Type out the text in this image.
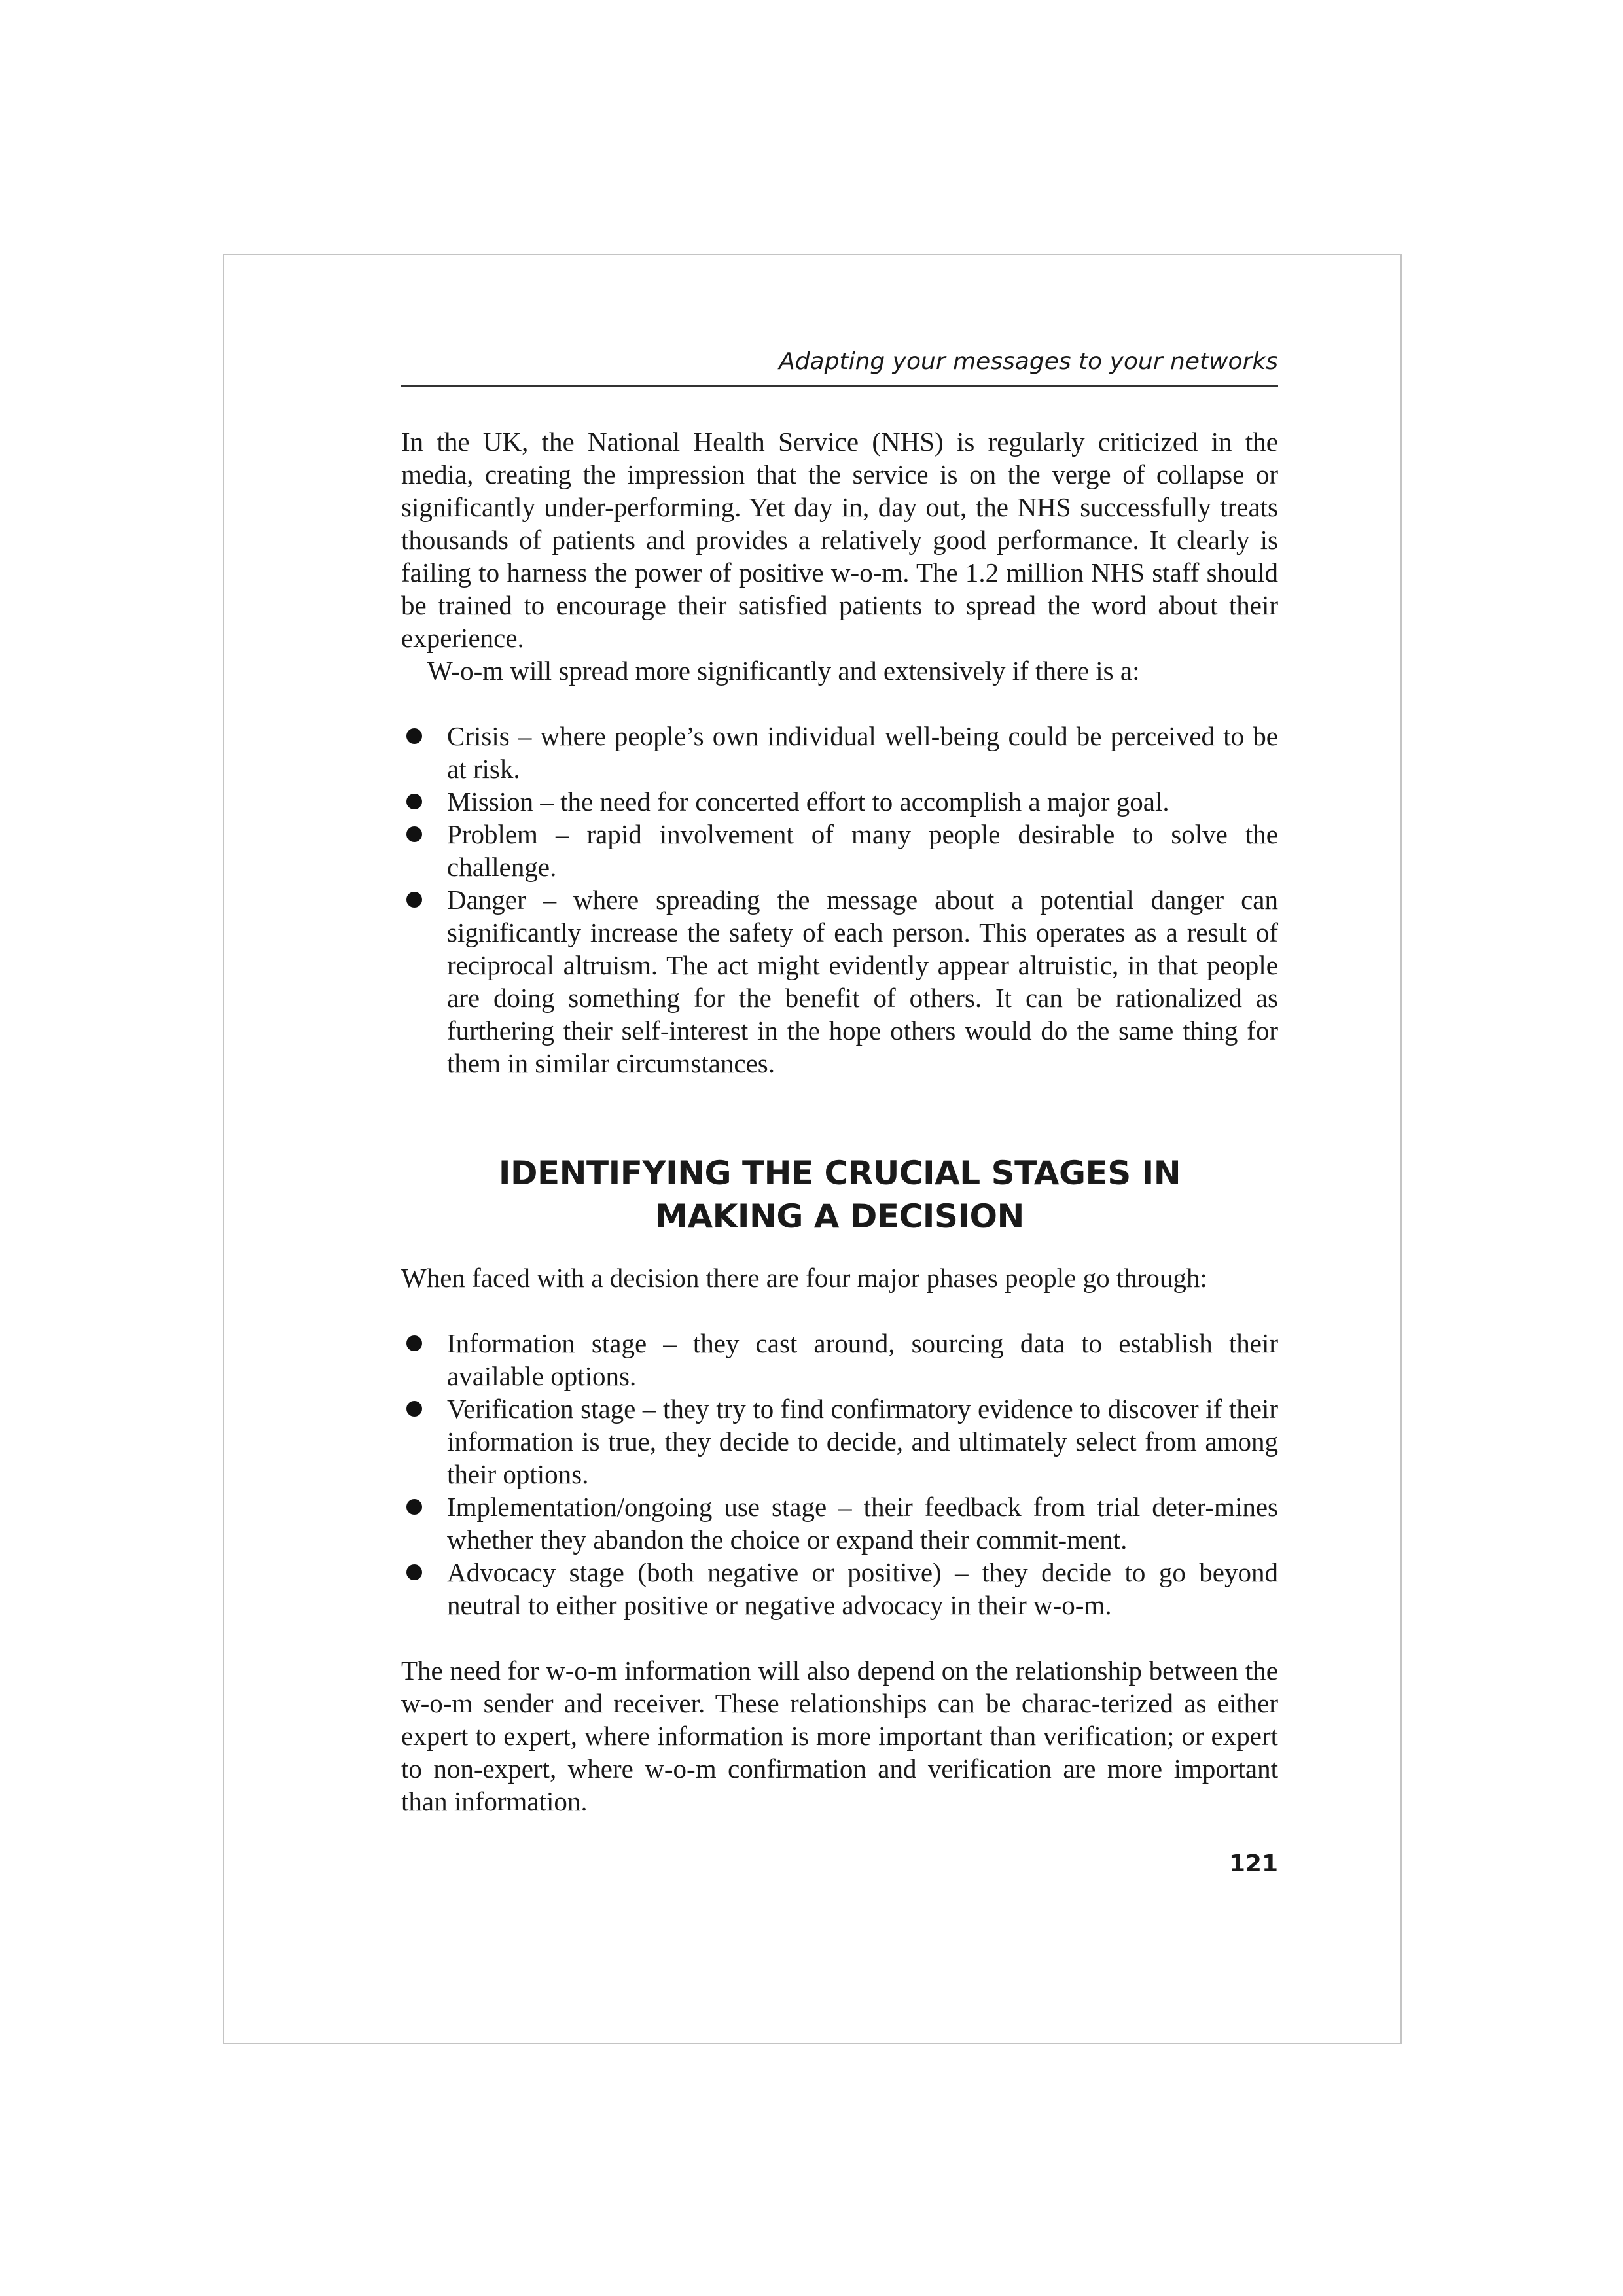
Adapting your messages to your networks

In the UK, the National Health Service (NHS) is regularly criticized in the media, creating the impression that the service is on the verge of collapse or significantly under-performing. Yet day in, day out, the NHS successfully treats thousands of patients and provides a relatively good performance. It clearly is failing to harness the power of positive w-o-m. The 1.2 million NHS staff should be trained to encourage their satisfied patients to spread the word about their experience.

W-o-m will spread more significantly and extensively if there is a:

Crisis – where people’s own individual well-being could be perceived to be at risk.
Mission – the need for concerted effort to accomplish a major goal.
Problem – rapid involvement of many people desirable to solve the challenge.
Danger – where spreading the message about a potential danger can significantly increase the safety of each person. This operates as a result of reciprocal altruism. The act might evidently appear altruistic, in that people are doing something for the benefit of others. It can be rationalized as furthering their self-interest in the hope others would do the same thing for them in similar circumstances.
IDENTIFYING THE CRUCIAL STAGES IN
MAKING A DECISION

When faced with a decision there are four major phases people go through:

Information stage – they cast around, sourcing data to establish their available options.
Verification stage – they try to find confirmatory evidence to discover if their information is true, they decide to decide, and ultimately select from among their options.
Implementation/ongoing use stage – their feedback from trial deter-mines whether they abandon the choice or expand their commit-ment.
Advocacy stage (both negative or positive) – they decide to go beyond neutral to either positive or negative advocacy in their w-o-m.

The need for w-o-m information will also depend on the relationship between the w-o-m sender and receiver. These relationships can be charac-terized as either expert to expert, where information is more important than verification; or expert to non-expert, where w-o-m confirmation and verification are more important than information.

121
